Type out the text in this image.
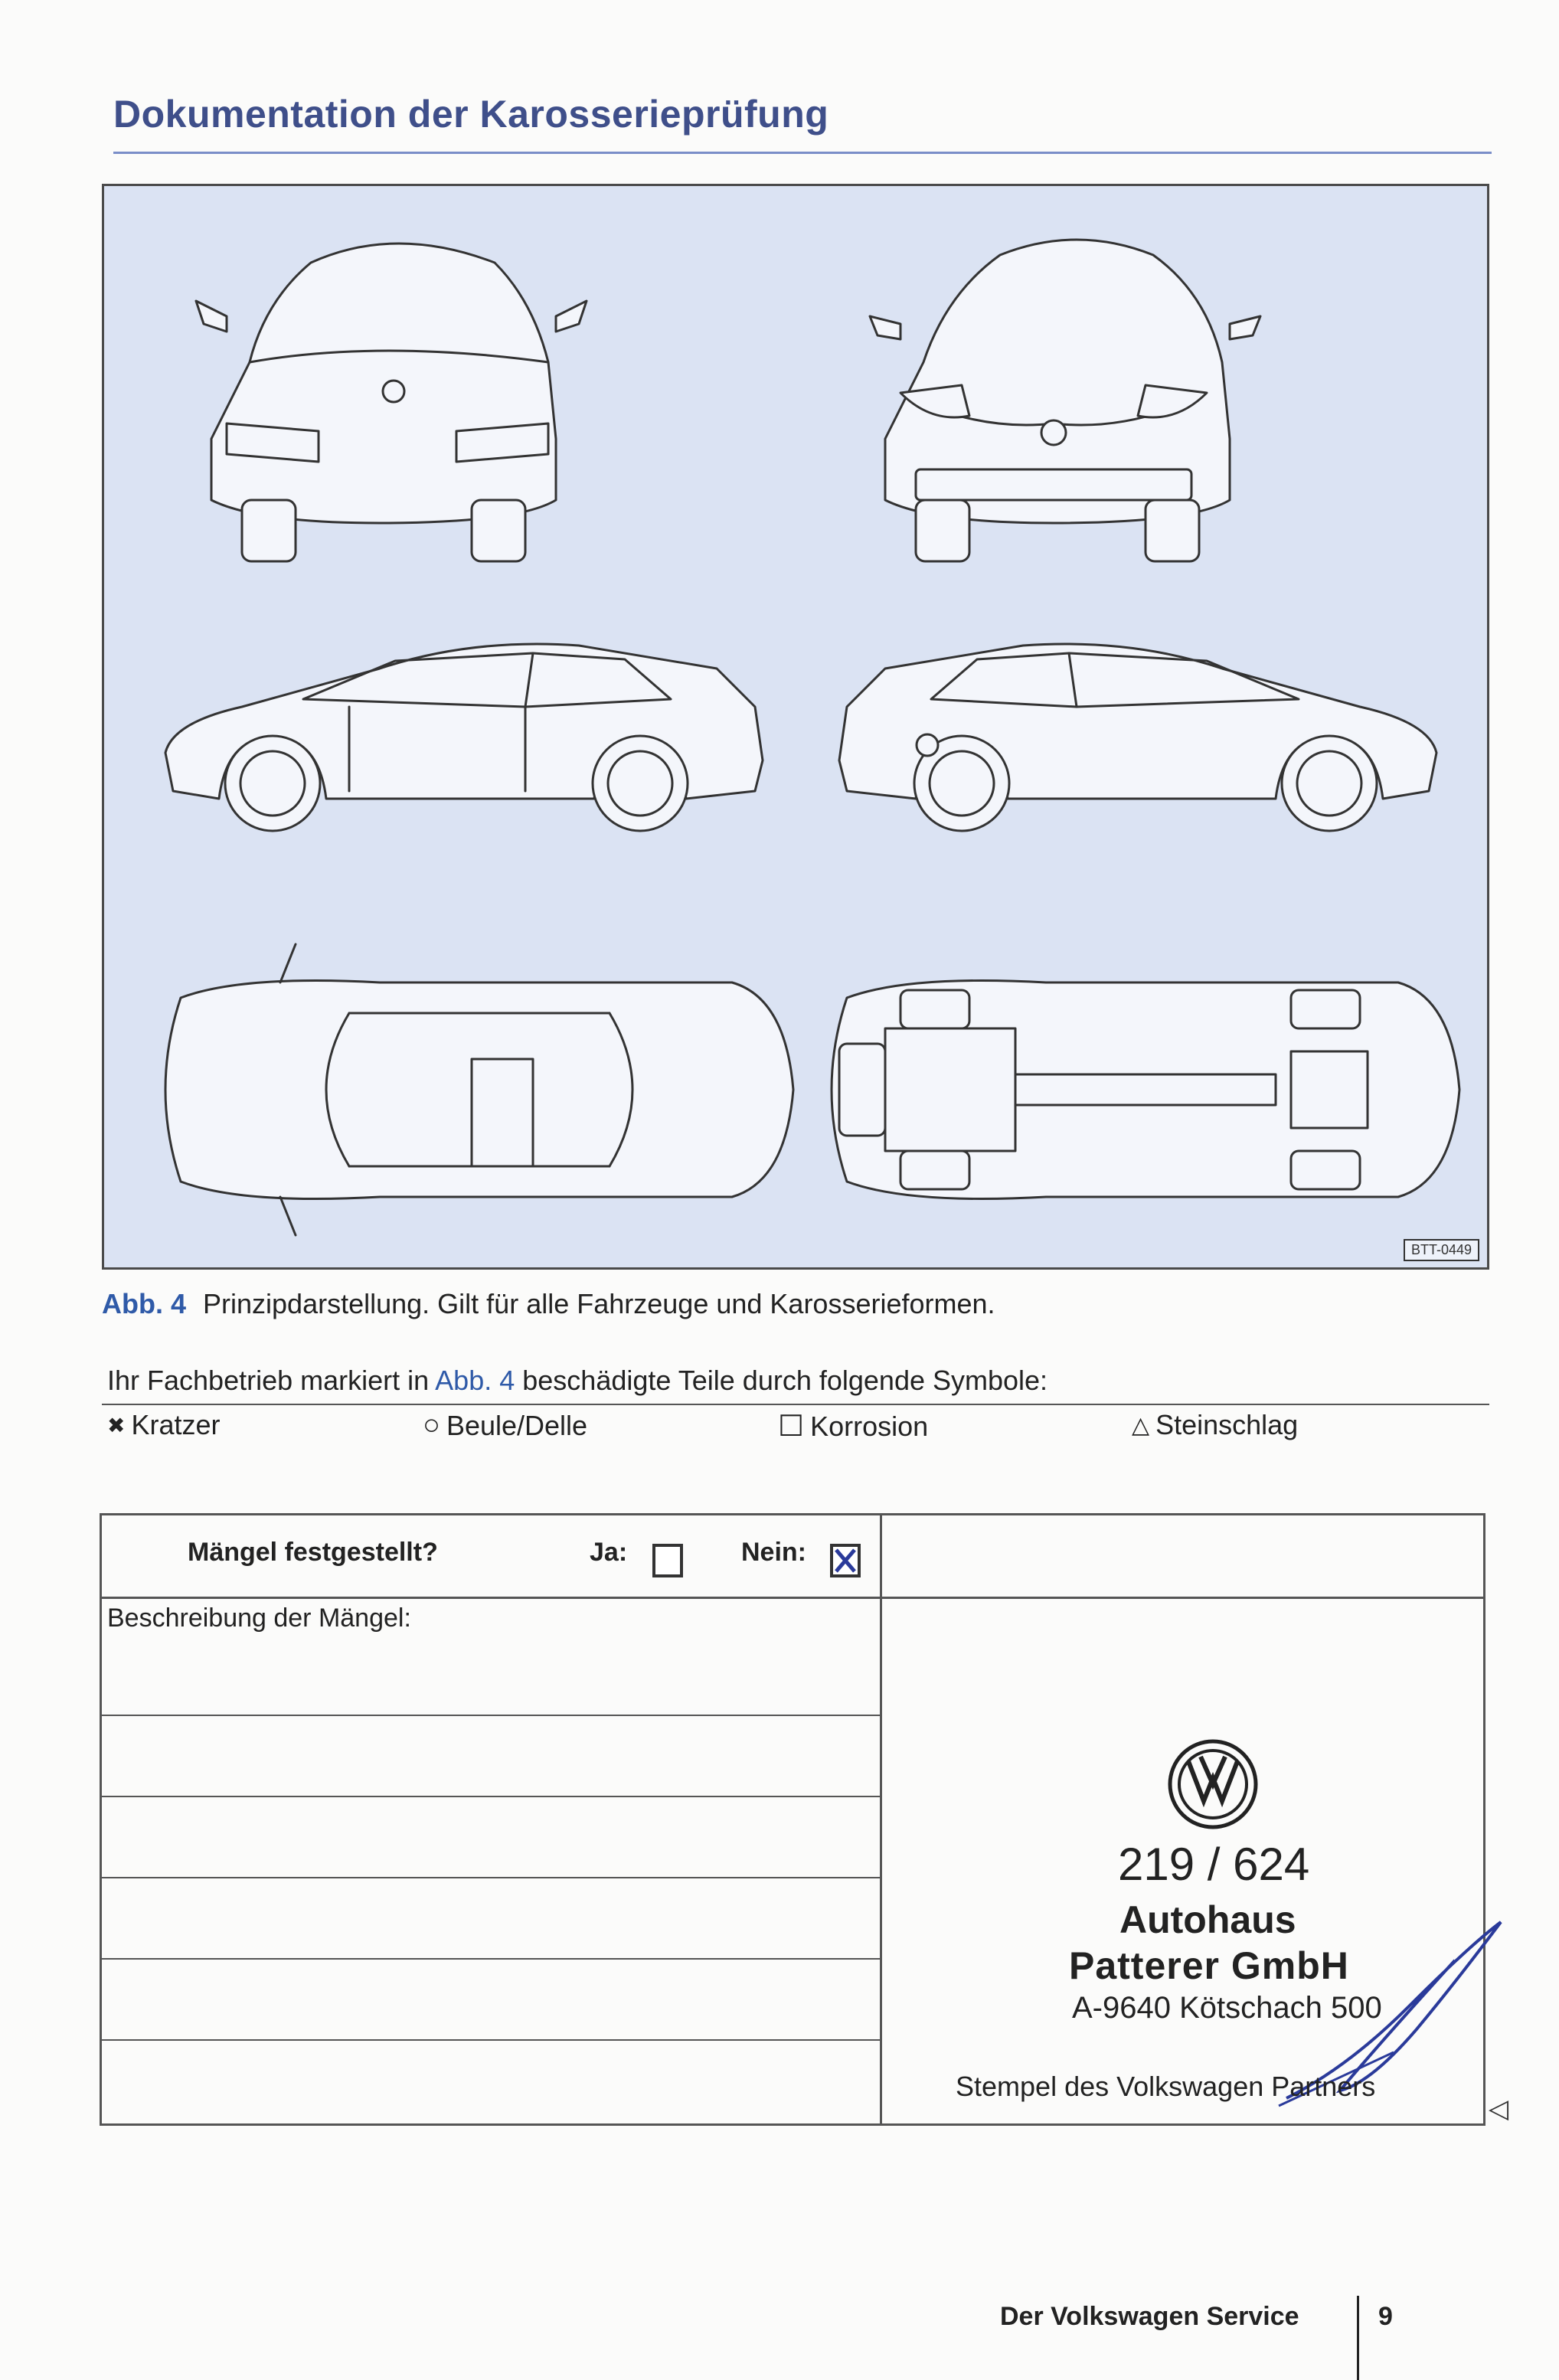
Dokumentation der Karosserieprüfung
BTT-0449
Abb. 4 Prinzipdarstellung. Gilt für alle Fahrzeuge und Karosserieformen.
Ihr Fachbetrieb markiert in Abb. 4 beschädigte Teile durch folgende Symbole:
✖ Kratzer	○ Beule/Delle	☐ Korrosion	△ Steinschlag
Mängel festgestellt?	Ja:	Nein:
Beschreibung der Mängel:
219 / 624
Autohaus
Patterer GmbH
A-9640 Kötschach 500
Stempel des Volkswagen Partners
◁
Der Volkswagen Service	9
